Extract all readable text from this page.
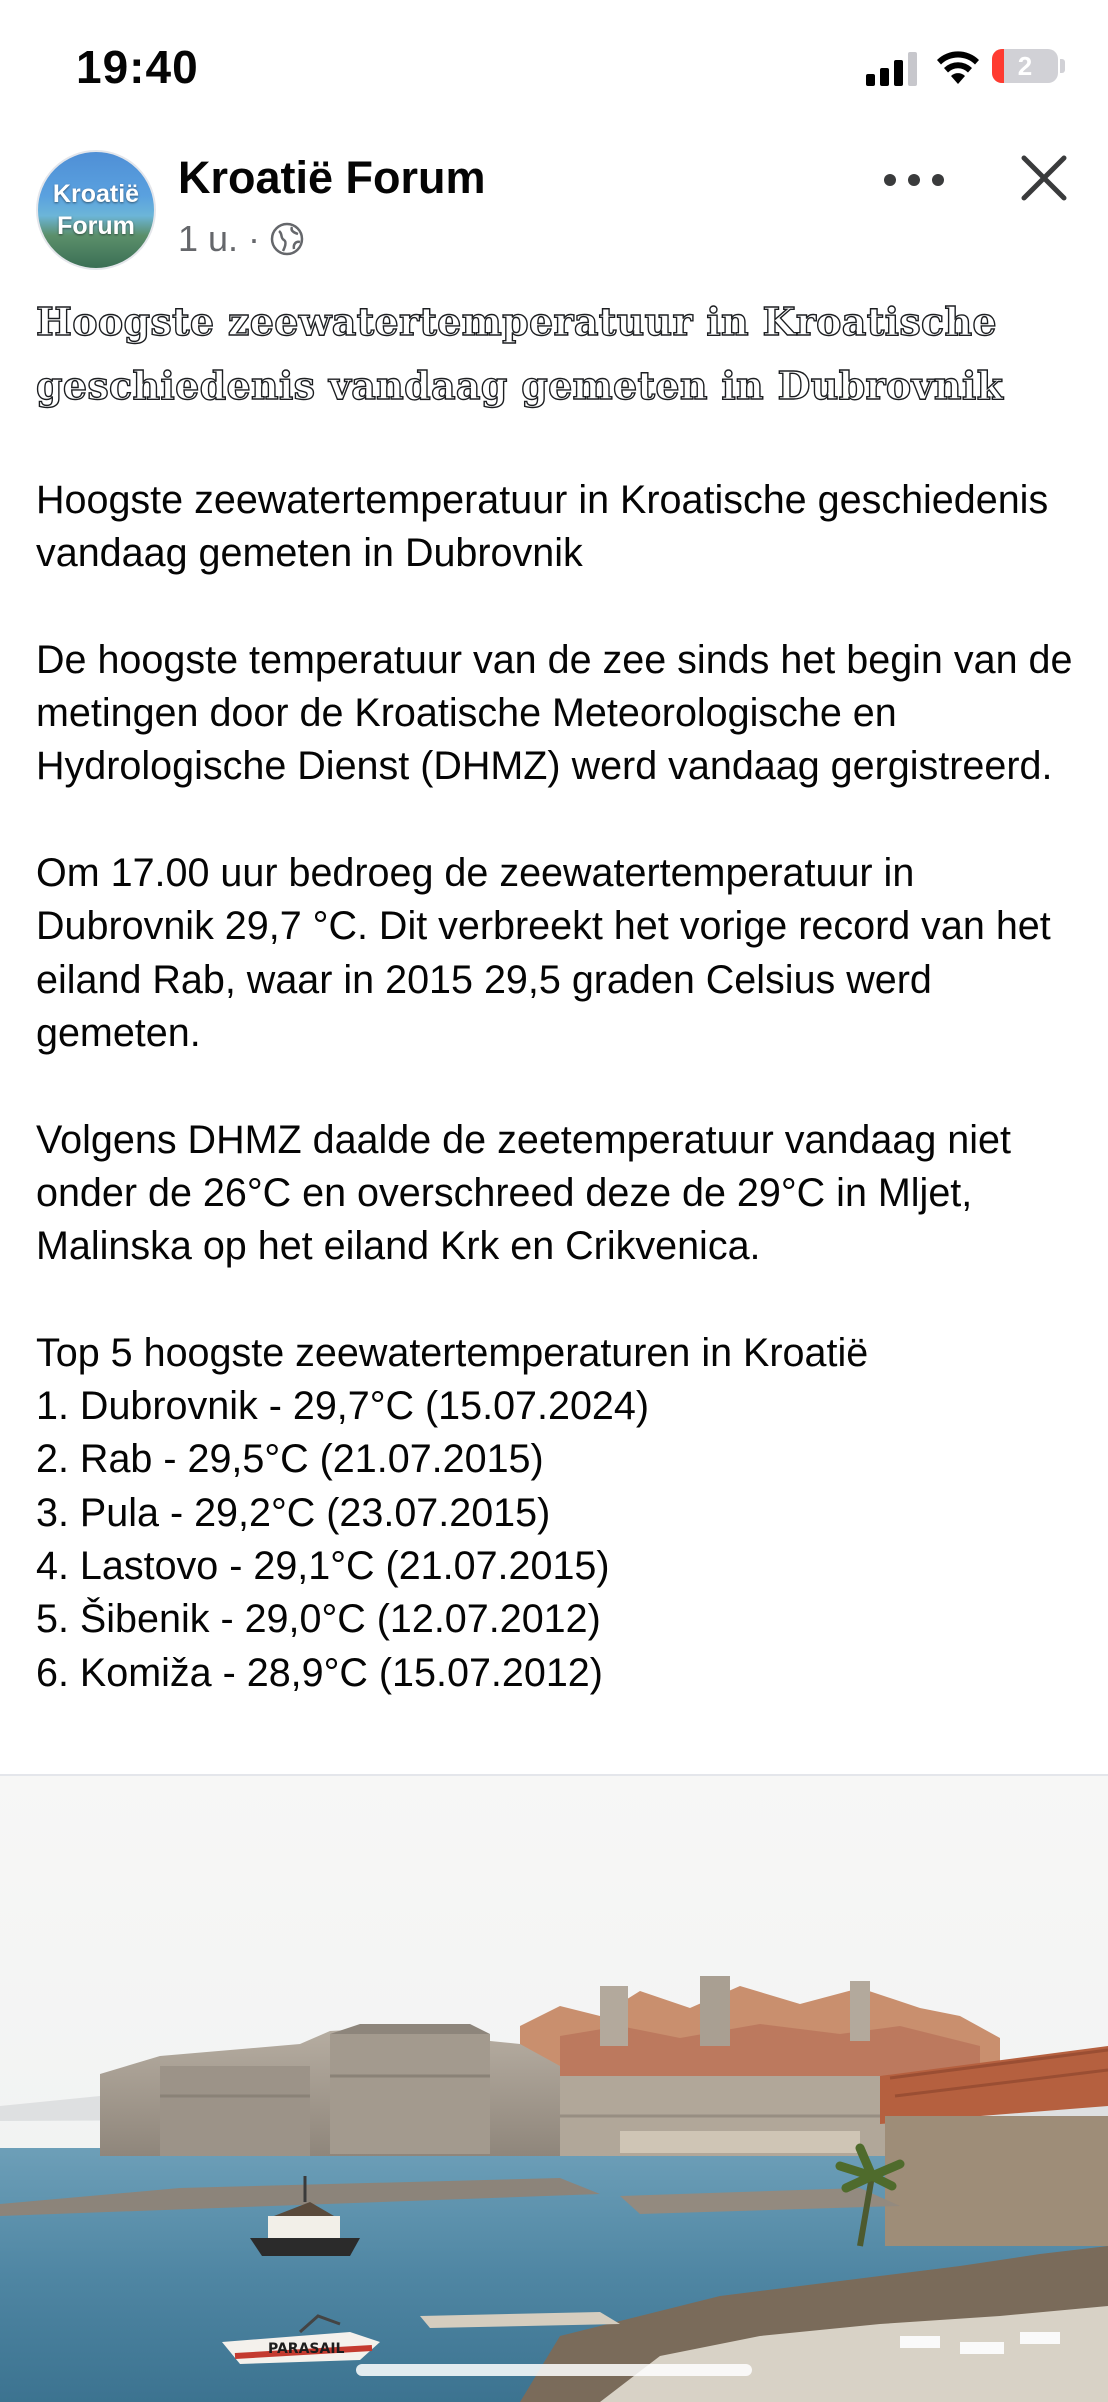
19:40	2
Kroatië
Forum
Kroatië Forum
1 u. ·
Hoogste zeewatertemperatuur in Kroatische geschiedenis vandaag gemeten in Dubrovnik

Hoogste zeewatertemperatuur in Kroatische geschiedenis vandaag gemeten in Dubrovnik

De hoogste temperatuur van de zee sinds het begin van de metingen door de Kroatische Meteorologische en Hydrologische Dienst (DHMZ) werd vandaag gergistreerd.

Om 17.00 uur bedroeg de zeewatertemperatuur in Dubrovnik 29,7 °C. Dit verbreekt het vorige record van het eiland Rab, waar in 2015 29,5 graden Celsius werd gemeten.

Volgens DHMZ daalde de zeetemperatuur vandaag niet onder de 26°C en overschreed deze de 29°C in Mljet, Malinska op het eiland Krk en Crikvenica.

Top 5 hoogste zeewatertemperaturen in Kroatië
1. Dubrovnik - 29,7°C (15.07.2024)
2. Rab - 29,5°C (21.07.2015)
3. Pula - 29,2°C (23.07.2015)
4. Lastovo - 29,1°C (21.07.2015)
5. Šibenik - 29,0°C (12.07.2012)
6. Komiža - 28,9°C (15.07.2012)
PARASAIL
